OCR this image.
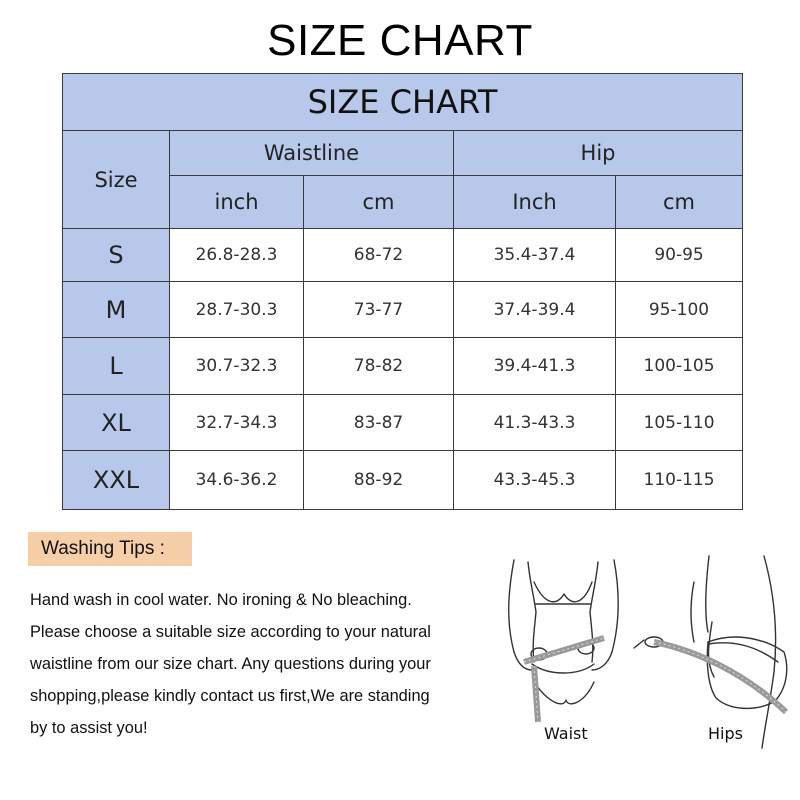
SIZE CHART
SIZE CHART				
Size	Waistline		Hip	
	inch	cm	Inch	cm
S	26.8-28.3	68-72	35.4-37.4	90-95
M	28.7-30.3	73-77	37.4-39.4	95-100
L	30.7-32.3	78-82	39.4-41.3	100-105
XL	32.7-34.3	83-87	41.3-43.3	105-110
XXL	34.6-36.2	88-92	43.3-45.3	110-115
Washing Tips :
Hand wash in cool water. No ironing & No bleaching.
Please choose a suitable size according to your natural
waistline from our size chart. Any questions during your
shopping,please kindly contact us first,We are standing
by to assist you!	Waist	Hips
